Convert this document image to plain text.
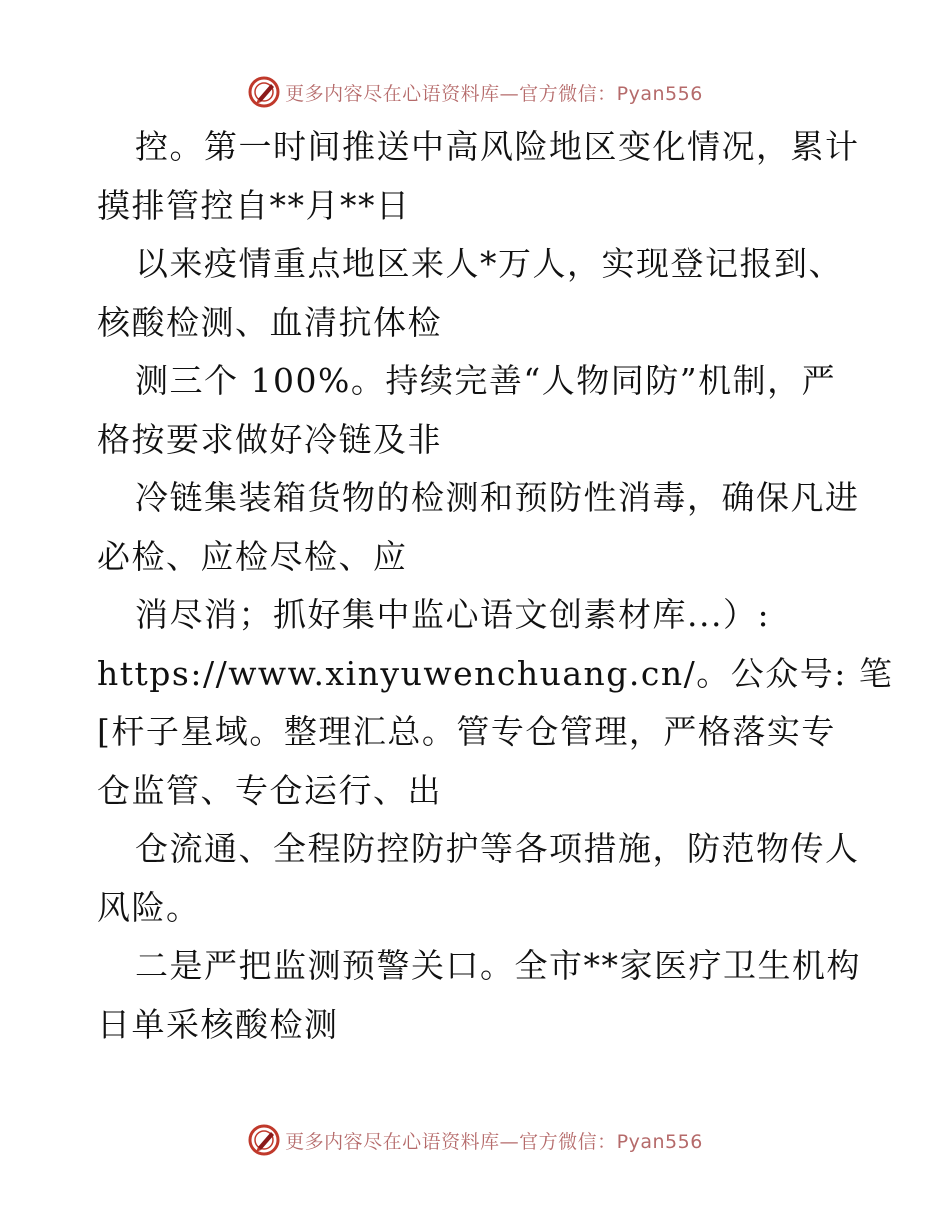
更多内容尽在心语资料库—官方微信：Pyan556
控。第一时间推送中高风险地区变化情况，累计
摸排管控自**月**日
以来疫情重点地区来人*万人，实现登记报到、
核酸检测、血清抗体检
测三个 100%。持续完善“人物同防”机制，严
格按要求做好冷链及非
冷链集装箱货物的检测和预防性消毒，确保凡进
必检、应检尽检、应
消尽消；抓好集中监心语文创素材库...）:
https://www.xinyuwenchuang.cn/。公众号: 笔
[杆子星域。整理汇总。管专仓管理，严格落实专
仓监管、专仓运行、出
仓流通、全程防控防护等各项措施，防范物传人
风险。
二是严把监测预警关口。全市**家医疗卫生机构
日单采核酸检测
更多内容尽在心语资料库—官方微信：Pyan556
